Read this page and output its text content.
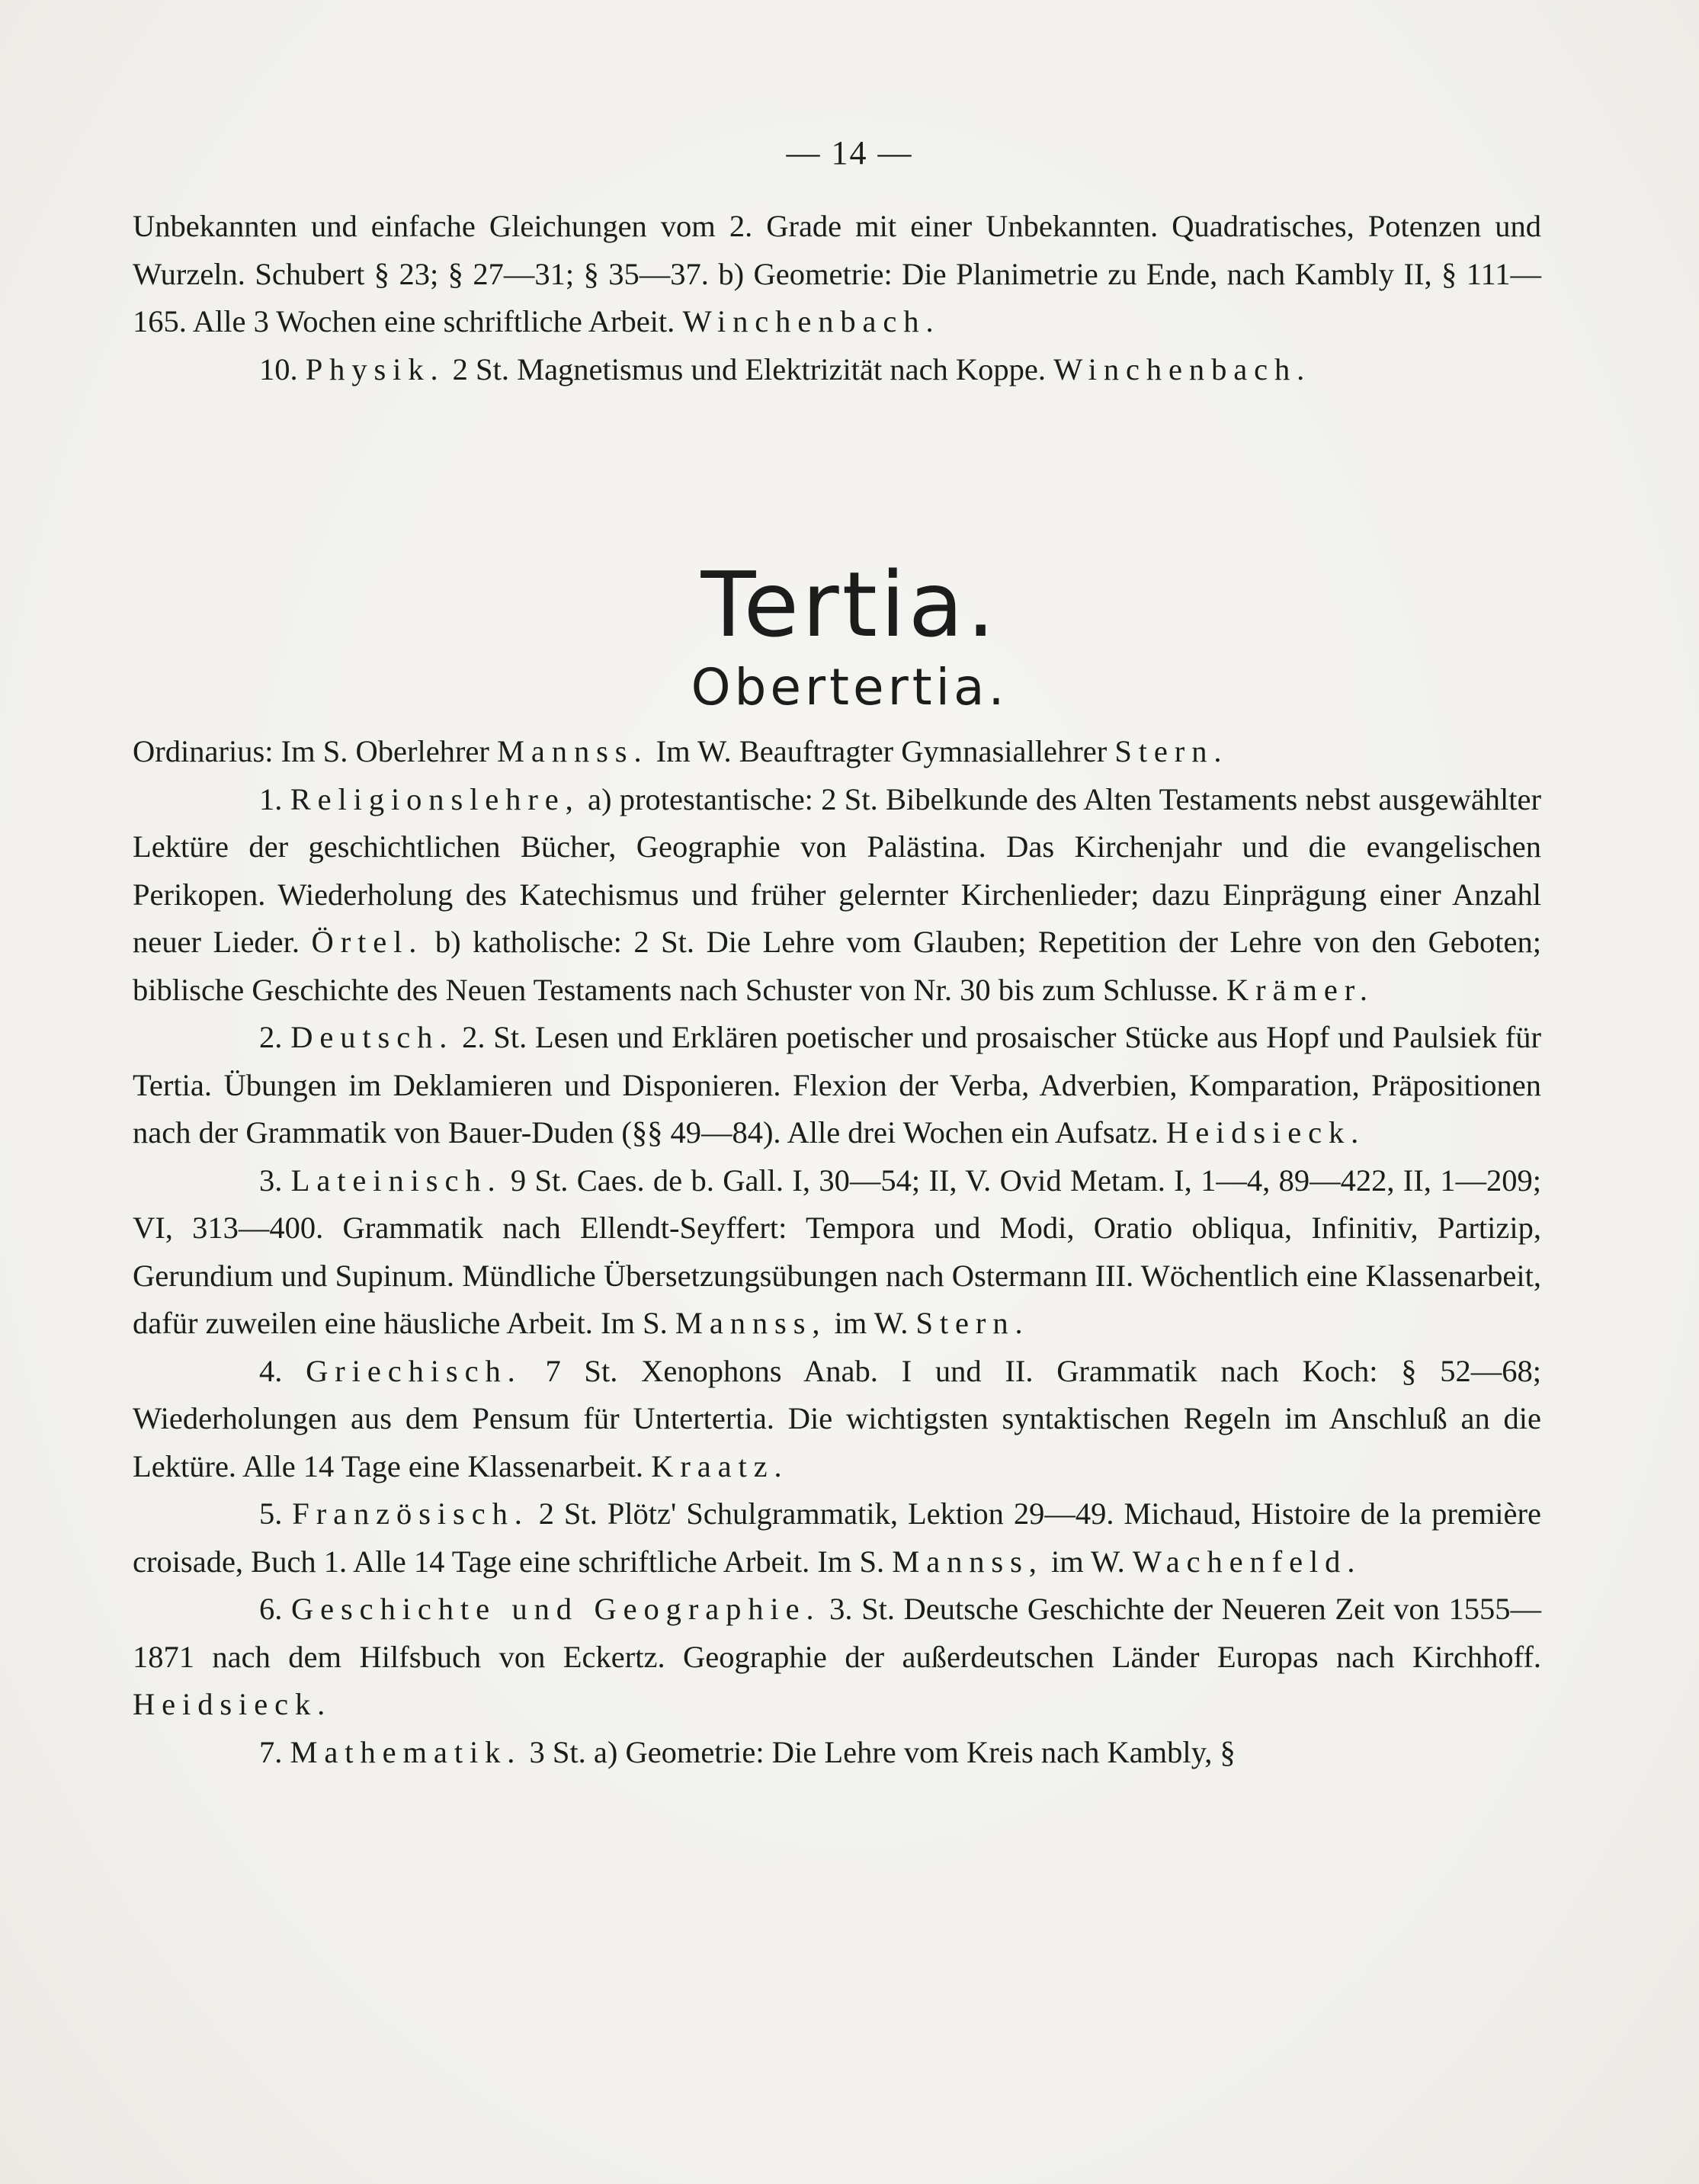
— 14 —

Unbekannten und einfache Gleichungen vom 2. Grade mit einer Unbekannten. Quadratisches, Potenzen und Wurzeln. Schubert § 23; § 27—31; § 35—37. b) Geometrie: Die Planimetrie zu Ende, nach Kambly II, § 111—165. Alle 3 Wochen eine schriftliche Arbeit. Winchenbach.

10. Physik. 2 St. Magnetismus und Elektrizität nach Koppe. Winchenbach.

Tertia.
Obertertia.

Ordinarius: Im S. Oberlehrer Mannss. Im W. Beauftragter Gymnasiallehrer Stern.

1. Religionslehre, a) protestantische: 2 St. Bibelkunde des Alten Testaments nebst ausgewählter Lektüre der geschichtlichen Bücher, Geographie von Palästina. Das Kirchenjahr und die evangelischen Perikopen. Wiederholung des Katechismus und früher gelernter Kirchenlieder; dazu Einprägung einer Anzahl neuer Lieder. Örtel. b) katholische: 2 St. Die Lehre vom Glauben; Repetition der Lehre von den Geboten; biblische Geschichte des Neuen Testaments nach Schuster von Nr. 30 bis zum Schlusse. Krämer.

2. Deutsch. 2. St. Lesen und Erklären poetischer und prosaischer Stücke aus Hopf und Paulsiek für Tertia. Übungen im Deklamieren und Disponieren. Flexion der Verba, Adverbien, Komparation, Präpositionen nach der Grammatik von Bauer-Duden (§§ 49—84). Alle drei Wochen ein Aufsatz. Heidsieck.

3. Lateinisch. 9 St. Caes. de b. Gall. I, 30—54; II, V. Ovid Metam. I, 1—4, 89—422, II, 1—209; VI, 313—400. Grammatik nach Ellendt-Seyffert: Tempora und Modi, Oratio obliqua, Infinitiv, Partizip, Gerundium und Supinum. Mündliche Übersetzungsübungen nach Ostermann III. Wöchentlich eine Klassenarbeit, dafür zuweilen eine häusliche Arbeit. Im S. Mannss, im W. Stern.

4. Griechisch. 7 St. Xenophons Anab. I und II. Grammatik nach Koch: § 52—68; Wiederholungen aus dem Pensum für Untertertia. Die wichtigsten syntaktischen Regeln im Anschluß an die Lektüre. Alle 14 Tage eine Klassenarbeit. Kraatz.

5. Französisch. 2 St. Plötz' Schulgrammatik, Lektion 29—49. Michaud, Histoire de la première croisade, Buch 1. Alle 14 Tage eine schriftliche Arbeit. Im S. Mannss, im W. Wachenfeld.

6. Geschichte und Geographie. 3. St. Deutsche Geschichte der Neueren Zeit von 1555—1871 nach dem Hilfsbuch von Eckertz. Geographie der außerdeutschen Länder Europas nach Kirchhoff. Heidsieck.

7. Mathematik. 3 St. a) Geometrie: Die Lehre vom Kreis nach Kambly, §
